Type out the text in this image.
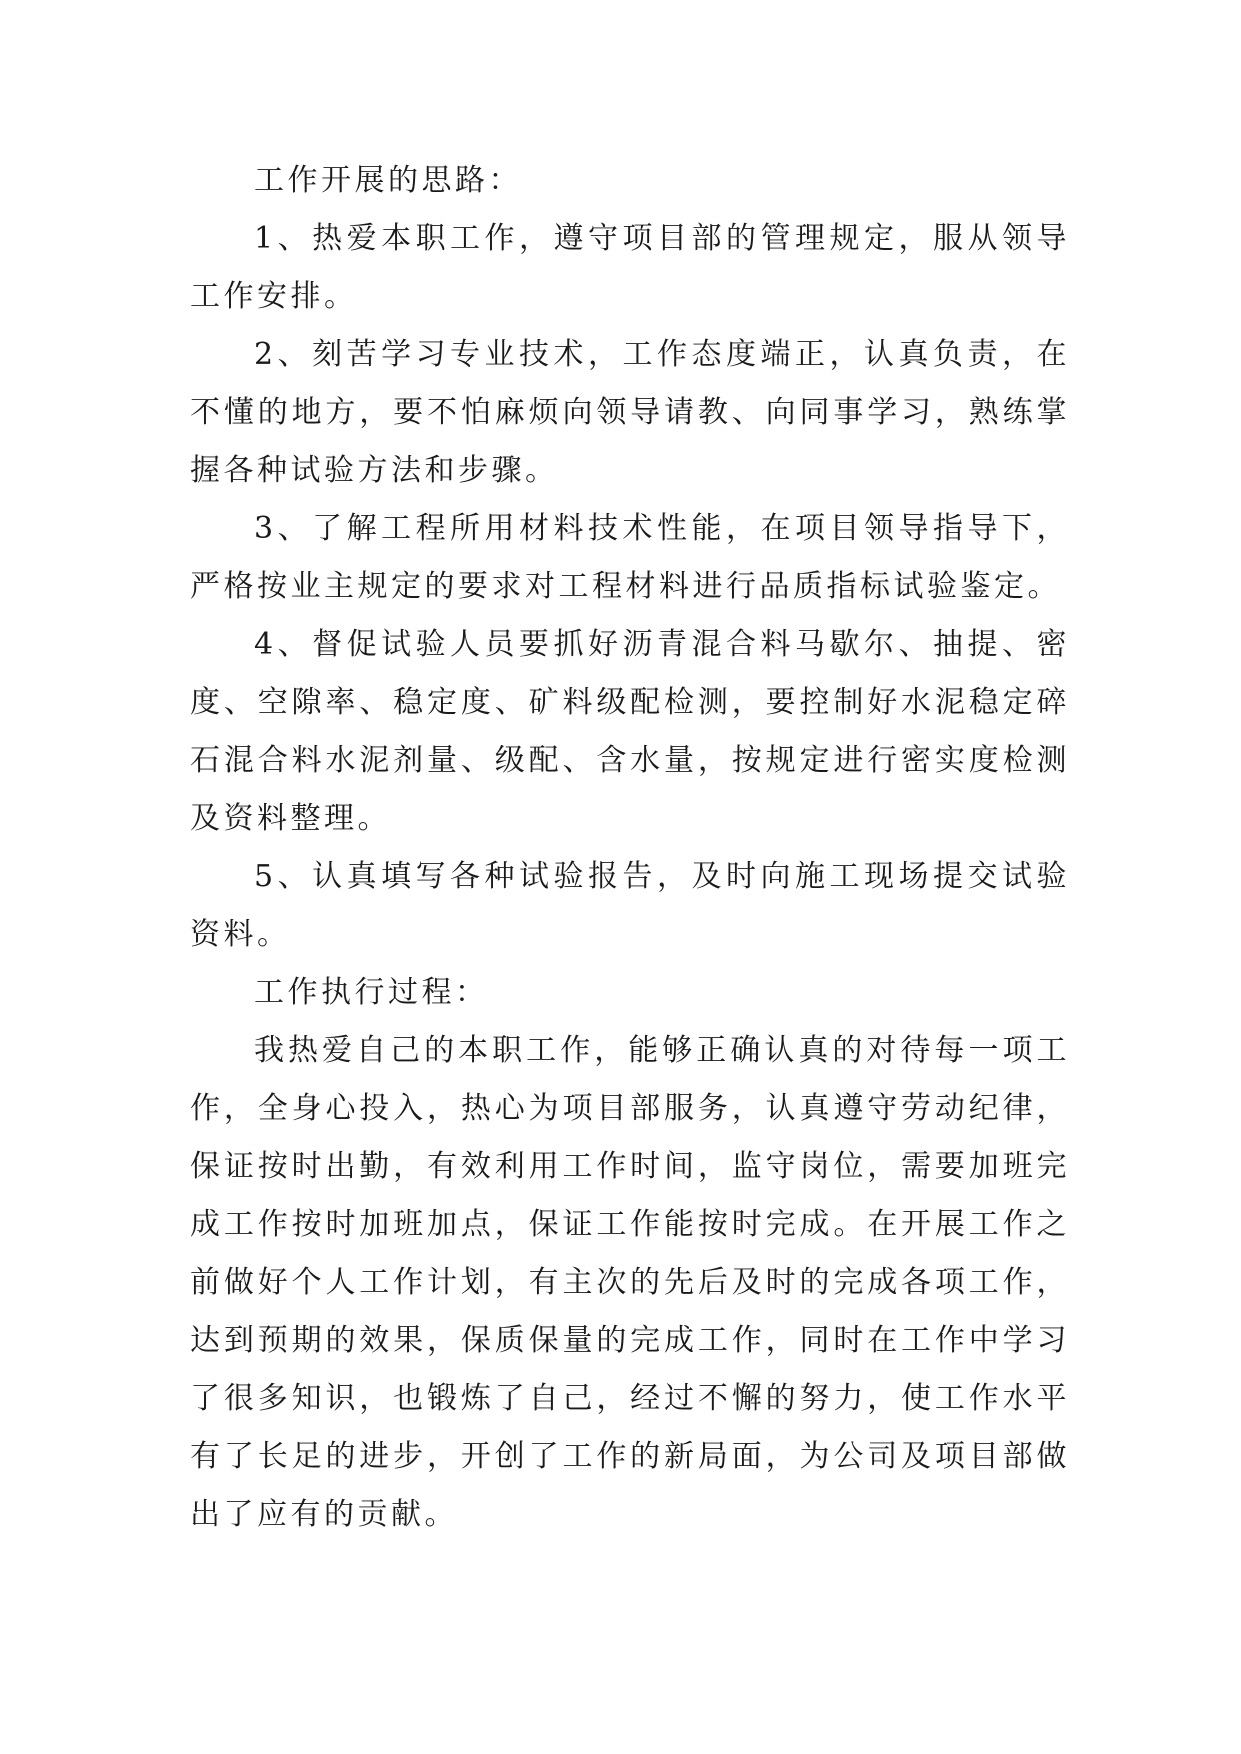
工作开展的思路：

1、热爱本职工作，遵守项目部的管理规定，服从领导工作安排。

2、刻苦学习专业技术，工作态度端正，认真负责，在不懂的地方，要不怕麻烦向领导请教、向同事学习，熟练掌握各种试验方法和步骤。

3、了解工程所用材料技术性能，在项目领导指导下，严格按业主规定的要求对工程材料进行品质指标试验鉴定。

4、督促试验人员要抓好沥青混合料马歇尔、抽提、密度、空隙率、稳定度、矿料级配检测，要控制好水泥稳定碎石混合料水泥剂量、级配、含水量，按规定进行密实度检测及资料整理。

5、认真填写各种试验报告，及时向施工现场提交试验资料。

工作执行过程：

我热爱自己的本职工作，能够正确认真的对待每一项工作，全身心投入，热心为项目部服务，认真遵守劳动纪律，保证按时出勤，有效利用工作时间，监守岗位，需要加班完成工作按时加班加点，保证工作能按时完成。在开展工作之前做好个人工作计划，有主次的先后及时的完成各项工作，达到预期的效果，保质保量的完成工作，同时在工作中学习了很多知识，也锻炼了自己，经过不懈的努力，使工作水平有了长足的进步，开创了工作的新局面，为公司及项目部做出了应有的贡献。
